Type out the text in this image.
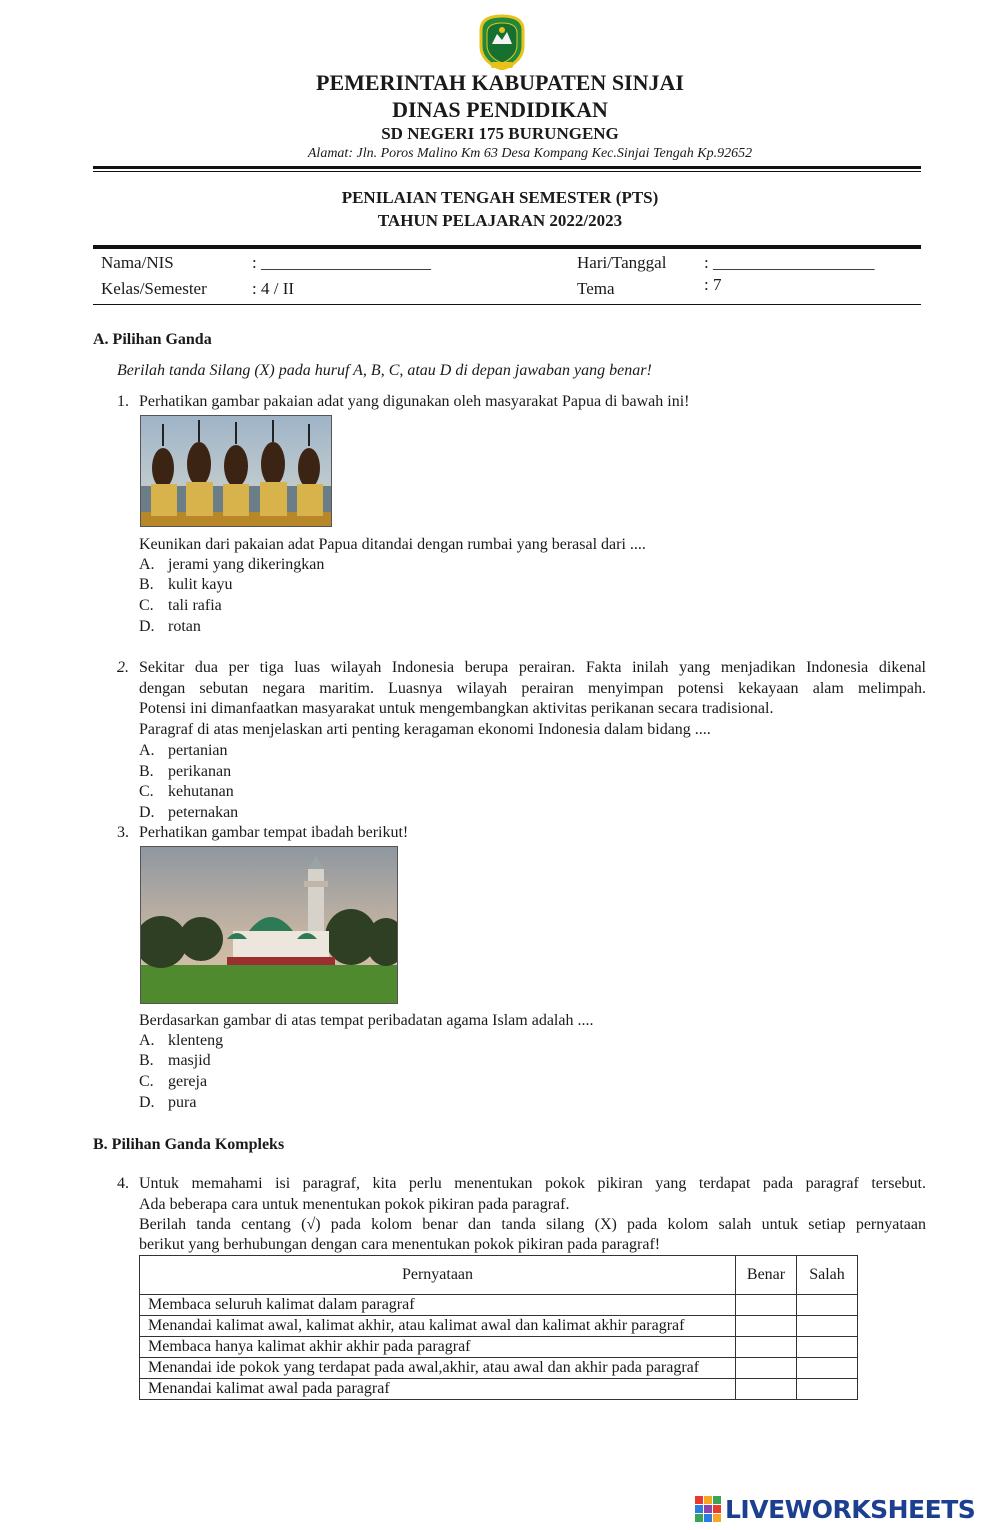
PEMERINTAH KABUPATEN SINJAI
DINAS PENDIDIKAN
SD NEGERI 175 BURUNGENG
Alamat: Jln. Poros Malino Km 63 Desa Kompang Kec.Sinjai Tengah Kp.92652
PENILAIAN TENGAH SEMESTER (PTS)
TAHUN PELAJARAN 2022/2023
Nama/NIS	: ____________________
Kelas/Semester	: 4 / II
Hari/Tanggal : ___________________
Tema	: 7
A. Pilihan Ganda
Berilah tanda Silang (X) pada huruf A, B, C, atau D di depan jawaban yang benar!
1. Perhatikan gambar pakaian adat yang digunakan oleh masyarakat Papua di bawah ini!
Keunikan dari pakaian adat Papua ditandai dengan rumbai yang berasal dari ....
A. jerami yang dikeringkan
B. kulit kayu
C. tali rafia
D. rotan
2. Sekitar dua per tiga luas wilayah Indonesia berupa perairan. Fakta inilah yang menjadikan Indonesia dikenal
dengan sebutan negara maritim. Luasnya wilayah perairan menyimpan potensi kekayaan alam melimpah.
Potensi ini dimanfaatkan masyarakat untuk mengembangkan aktivitas perikanan secara tradisional.
Paragraf di atas menjelaskan arti penting keragaman ekonomi Indonesia dalam bidang ....
A. pertanian
B. perikanan
C. kehutanan
D. peternakan
3. Perhatikan gambar tempat ibadah berikut!
Berdasarkan gambar di atas tempat peribadatan agama Islam adalah ....
A. klenteng
B. masjid
C. gereja
D. pura
B. Pilihan Ganda Kompleks
4. Untuk memahami isi paragraf, kita perlu menentukan pokok pikiran yang terdapat pada paragraf tersebut.
Ada beberapa cara untuk menentukan pokok pikiran pada paragraf.
Berilah tanda centang (√) pada kolom benar dan tanda silang (X) pada kolom salah untuk setiap pernyataan
berikut yang berhubungan dengan cara menentukan pokok pikiran pada paragraf!
Pernyataan	Benar	Salah
Membaca seluruh kalimat dalam paragraf		
Menandai kalimat awal, kalimat akhir, atau kalimat awal dan kalimat akhir paragraf		
Membaca hanya kalimat akhir akhir pada paragraf		
Menandai ide pokok yang terdapat pada awal,akhir, atau awal dan akhir pada paragraf		
Menandai kalimat awal pada paragraf		
LIVEWORKSHEETS
